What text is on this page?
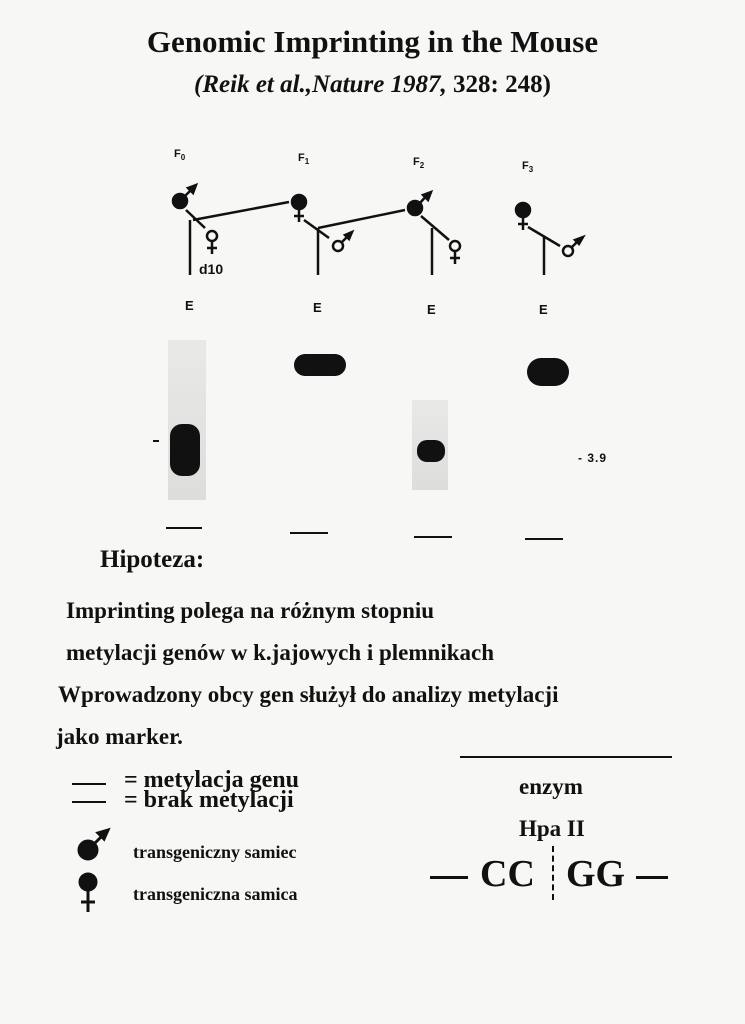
Genomic Imprinting in the Mouse
(Reik et al.,Nature 1987, 328: 248)
$F_0$	$F_1$	$F_2$	$F_3$
d10
E	E	E	E
- 3.9
Hipoteza:
Imprinting polega na różnym stopniu
metylacji genów w k.jajowych i plemnikach
Wprowadzony obcy gen służył do analizy metylacji
jako marker.
= metylacja genu
= brak metylacji
transgeniczny samiec
transgeniczna samica
enzym
Hpa II
CC GG
